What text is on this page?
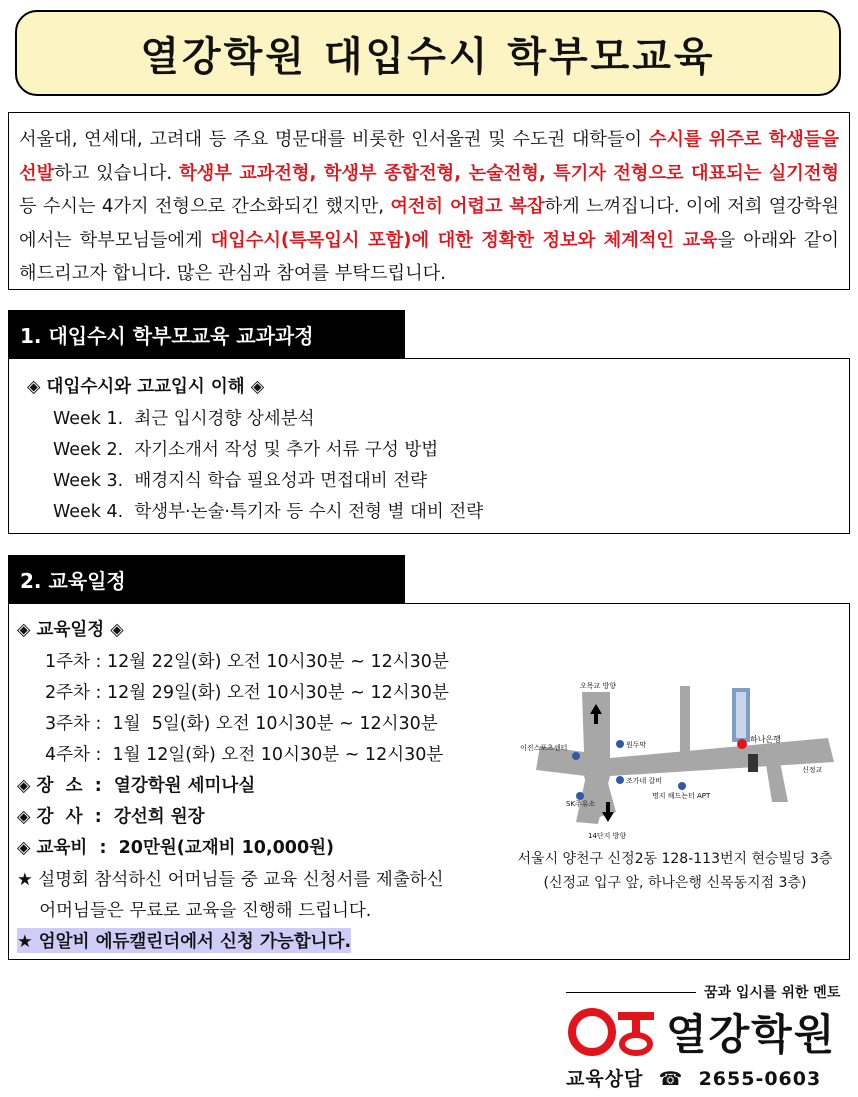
열강학원 대입수시 학부모교육
서울대, 연세대, 고려대 등 주요 명문대를 비롯한 인서울권 및 수도권 대학들이 수시를 위주로 학생들을 선발하고 있습니다. 학생부 교과전형, 학생부 종합전형, 논술전형, 특기자 전형으로 대표되는 실기전형 등 수시는 4가지 전형으로 간소화되긴 했지만, 여전히 어렵고 복잡하게 느껴집니다. 이에 저희 열강학원에서는 학부모님들에게 대입수시(특목입시 포함)에 대한 정확한 정보와 체계적인 교육을 아래와 같이 해드리고자 합니다. 많은 관심과 참여를 부탁드립니다.
1. 대입수시 학부모교육 교과과정
◈ 대입수시와 고교입시 이해 ◈
Week 1.  최근 입시경향 상세분석
Week 2.  자기소개서 작성 및 추가 서류 구성 방법
Week 3.  배경지식 학습 필요성과 면접대비 전략
Week 4.  학생부·논술·특기자 등 수시 전형 별 대비 전략
2. 교육일정
◈ 교육일정 ◈
1주차 : 12월 22일(화) 오전 10시30분 ~ 12시30분
2주차 : 12월 29일(화) 오전 10시30분 ~ 12시30분
3주차 :  1월  5일(화) 오전 10시30분 ~ 12시30분
4주차 :  1월 12일(화) 오전 10시30분 ~ 12시30분
◈ 장  소  :  열강학원 세미나실
◈ 강  사  :  강선희 원장
◈ 교육비  :  20만원(교재비 10,000원)
★ 설명회 참석하신 어머님들 중 교육 신청서를 제출하신
어머님들은 무료로 교육을 진행해 드립니다.
★ 엄알비 에듀캘린더에서 신청 가능합니다.
오목교 방향
14단지 방향
이진스포츠센터	원두막
조가네 갈비
SK주유소
명지 해드는터 APT
하나은행
신정교
서울시 양천구 신정2동 128-113번지 현승빌딩 3층
(신정교 입구 앞, 하나은행 신목동지점 3층)
꿈과 입시를 위한 멘토
열강학원
교육상담 ☎ 2655-0603
